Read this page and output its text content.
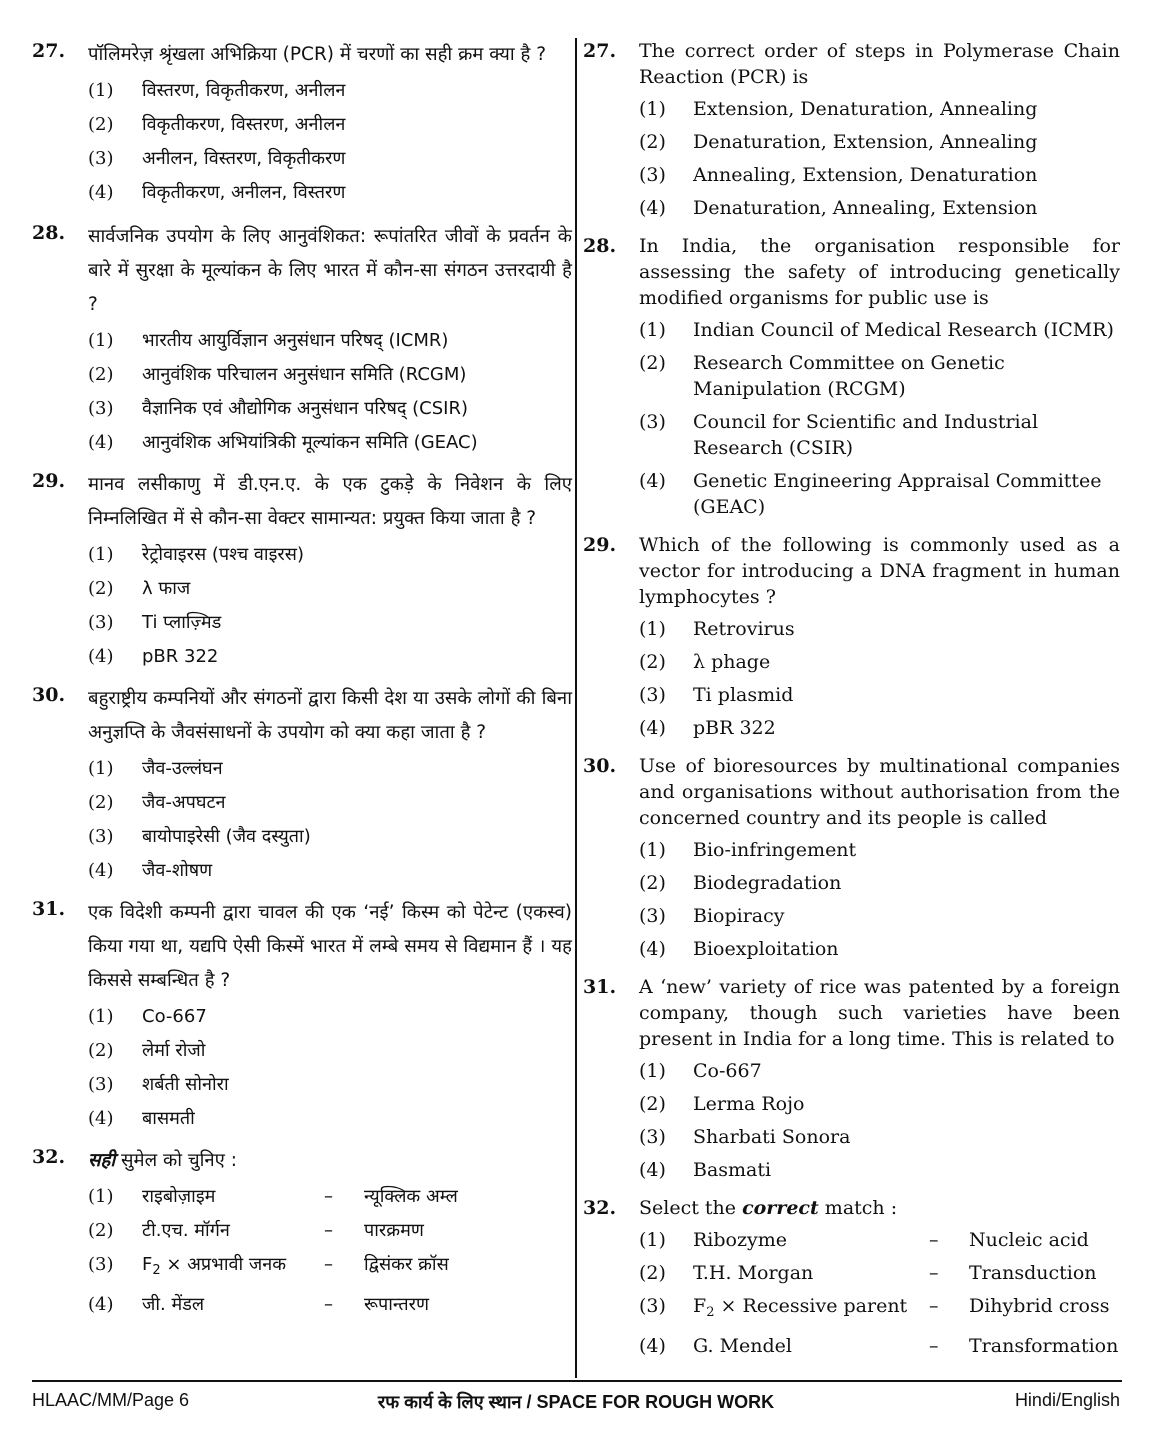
27. पॉलिमरेज़ श्रृंखला अभिक्रिया (PCR) में चरणों का सही क्रम क्या है ?
(1)	विस्तरण, विकृतीकरण, अनीलन
(2)	विकृतीकरण, विस्तरण, अनीलन
(3)	अनीलन, विस्तरण, विकृतीकरण
(4)	विकृतीकरण, अनीलन, विस्तरण
28. सार्वजनिक उपयोग के लिए आनुवंशिकत: रूपांतरित जीवों के प्रवर्तन के बारे में सुरक्षा के मूल्यांकन के लिए भारत में कौन-सा संगठन उत्तरदायी है ?
(1)	भारतीय आयुर्विज्ञान अनुसंधान परिषद् (ICMR)
(2)	आनुवंशिक परिचालन अनुसंधान समिति (RCGM)
(3)	वैज्ञानिक एवं औद्योगिक अनुसंधान परिषद् (CSIR)
(4)	आनुवंशिक अभियांत्रिकी मूल्यांकन समिति (GEAC)
29. मानव लसीकाणु में डी.एन.ए. के एक टुकड़े के निवेशन के लिए निम्नलिखित में से कौन-सा वेक्टर सामान्यत: प्रयुक्त किया जाता है ?
(1)	रेट्रोवाइरस (पश्च वाइरस)
(2)	λ फाज
(3)	Ti प्लाज़्मिड
(4)	pBR 322
30. बहुराष्ट्रीय कम्पनियों और संगठनों द्वारा किसी देश या उसके लोगों की बिना अनुज्ञप्ति के जैवसंसाधनों के उपयोग को क्या कहा जाता है ?
(1)	जैव-उल्लंघन
(2)	जैव-अपघटन
(3)	बायोपाइरेसी (जैव दस्युता)
(4)	जैव-शोषण
31. एक विदेशी कम्पनी द्वारा चावल की एक ‘नई’ किस्म को पेटेन्ट (एकस्व) किया गया था, यद्यपि ऐसी किस्में भारत में लम्बे समय से विद्यमान हैं । यह किससे सम्बन्धित है ?
(1)	Co-667
(2)	लेर्मा रोजो
(3)	शर्बती सोनोरा
(4)	बासमती
32. सही सुमेल को चुनिए :
(1)	राइबोज़ाइम	–	न्यूक्लिक अम्ल
(2)	टी.एच. मॉर्गन	–	पारक्रमण
(3)	$F_2$ × अप्रभावी जनक	–	द्विसंकर क्रॉस
(4)	जी. मेंडल	–	रूपान्तरण
27. The correct order of steps in Polymerase Chain Reaction (PCR) is
(1)	Extension, Denaturation, Annealing
(2)	Denaturation, Extension, Annealing
(3)	Annealing, Extension, Denaturation
(4)	Denaturation, Annealing, Extension
28. In India, the organisation responsible for assessing the safety of introducing genetically modified organisms for public use is
(1)	Indian Council of Medical Research (ICMR)
(2)	Research Committee on Genetic Manipulation (RCGM)
(3)	Council for Scientific and Industrial Research (CSIR)
(4)	Genetic Engineering Appraisal Committee (GEAC)
29. Which of the following is commonly used as a vector for introducing a DNA fragment in human lymphocytes ?
(1)	Retrovirus
(2)	λ phage
(3)	Ti plasmid
(4)	pBR 322
30. Use of bioresources by multinational companies and organisations without authorisation from the concerned country and its people is called
(1)	Bio-infringement
(2)	Biodegradation
(3)	Biopiracy
(4)	Bioexploitation
31. A ‘new’ variety of rice was patented by a foreign company, though such varieties have been present in India for a long time. This is related to
(1)	Co-667
(2)	Lerma Rojo
(3)	Sharbati Sonora
(4)	Basmati
32. Select the correct match :
(1)	Ribozyme	–	Nucleic acid
(2)	T.H. Morgan	–	Transduction
(3)	$F_2$ × Recessive parent	–	Dihybrid cross
(4)	G. Mendel	–	Transformation
HLAAC/MM/Page 6	रफ कार्य के लिए स्थान / SPACE FOR ROUGH WORK	Hindi/English
